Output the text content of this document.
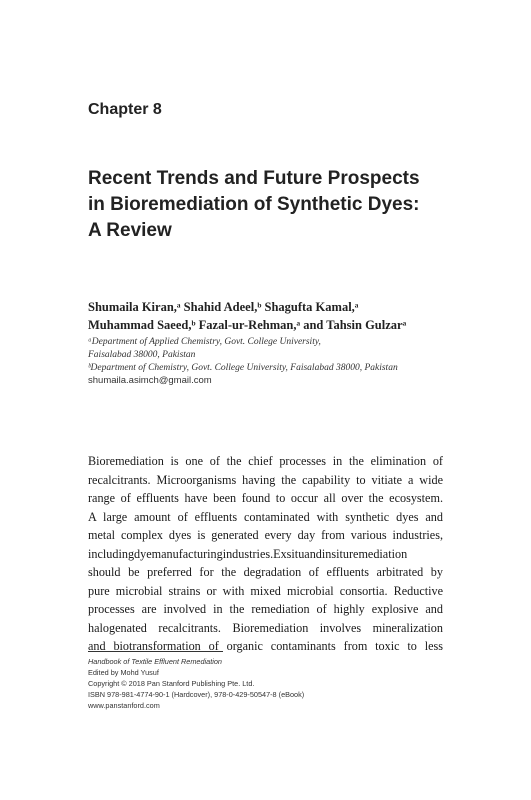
Chapter 8
Recent Trends and Future Prospects
in Bioremediation of Synthetic Dyes:
A Review
Shumaila Kiran,ᵃ Shahid Adeel,ᵇ Shagufta Kamal,ᵃ
Muhammad Saeed,ᵇ Fazal-ur-Rehman,ᵃ and Tahsin Gulzarᵃ
ᵃDepartment of Applied Chemistry, Govt. College University,
Faisalabad 38000, Pakistan
ᵇDepartment of Chemistry, Govt. College University, Faisalabad 38000, Pakistan
shumaila.asimch@gmail.com
Bioremediation is one of the chief processes in the elimination of
recalcitrants. Microorganisms having the capability to vitiate a wide
range of effluents have been found to occur all over the ecosystem.
A large amount of effluents contaminated with synthetic dyes and
metal complex dyes is generated every day from various industries,
includingdyemanufacturingindustries.Exsituandinsituremediation
should be preferred for the degradation of effluents arbitrated by
pure microbial strains or with mixed microbial consortia. Reductive
processes are involved in the remediation of highly explosive and
halogenated recalcitrants. Bioremediation involves mineralization
and biotransformation of organic contaminants from toxic to less
Handbook of Textile Effluent Remediation
Edited by Mohd Yusuf
Copyright © 2018 Pan Stanford Publishing Pte. Ltd.
ISBN 978-981-4774-90-1 (Hardcover), 978-0-429-50547-8 (eBook)
www.panstanford.com
